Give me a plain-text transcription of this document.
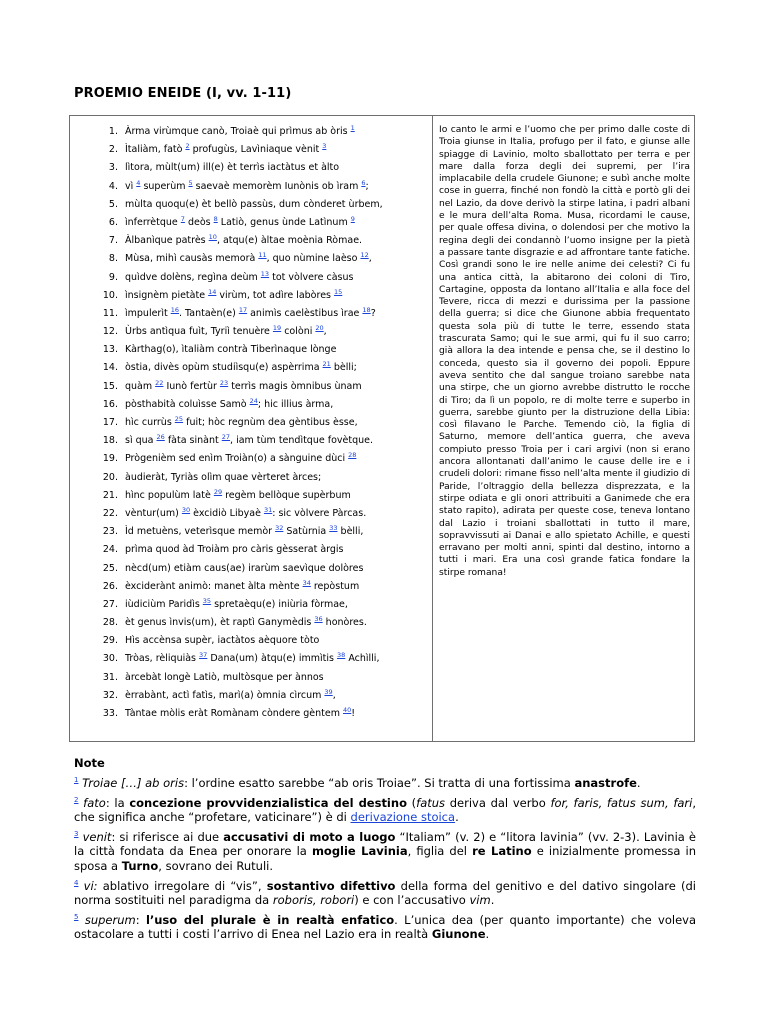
PROEMIO ENEIDE (I, vv. 1-11)
1. Àrma virùmque canò, Troiaè qui prìmus ab òris $^1$
2. Ìtaliàm, fatò $^2$ profugùs, Lavìniaque vènit $^3$
3. lìtora, mùlt(um) ill(e) èt terrìs iactàtus et àlto
4. vì $^4$ superùm $^5$ saevaè memorèm Iunònis ob ìram $^6$;
5. mùlta quoqu(e) èt bellò passùs, dum cònderet ùrbem,
6. ìnferrètque $^7$ deòs $^8$ Latiò, genus ùnde Latìnum $^9$
7. Àlbanìque patrès $^{10}$, atqu(e) àltae moènia Ròmae.
8. Mùsa, mihì causàs memorà $^{11}$, quo nùmine laèso $^{12}$,
9. quìdve dolèns, regìna deùm $^{13}$ tot vòlvere càsus
10. ìnsignèm pietàte $^{14}$ virùm, tot adìre labòres $^{15}$
11. ìmpulerìt $^{16}$. Tantaèn(e) $^{17}$ animìs caelèstibus ìrae $^{18}$?
12. Ùrbs antìqua fuìt, Tyriì tenuère $^{19}$ colòni $^{20}$,
13. Kàrthag(o), ìtaliàm contrà Tiberìnaque lònge
14. òstia, divès opùm studiìsqu(e) aspèrrima $^{21}$ bèlli;
15. quàm $^{22}$ Iunò fertùr $^{23}$ terrìs magis òmnibus ùnam
16. pòsthabità coluìsse Samò $^{24}$; hic illius àrma,
17. hìc currùs $^{25}$ fuit; hòc regnùm dea gèntibus èsse,
18. sì qua $^{26}$ fàta sinànt $^{27}$, iam tùm tendìtque fovètque.
19. Prògenièm sed enìm Troiàn(o) a sànguine dùci $^{28}$
20. àudieràt, Tyriàs olìm quae vèrteret àrces;
21. hìnc populùm latè $^{29}$ regèm bellòque supèrbum
22. vèntur(um) $^{30}$ èxcidiò Libyaè $^{31}$: sic vòlvere Pàrcas.
23. Ìd metuèns, veterìsque memòr $^{32}$ Satùrnia $^{33}$ bèlli,
24. prìma quod àd Troiàm pro càris gèsserat àrgis
25. nècd(um) etiàm caus(ae) irarùm saevìque dolòres
26. èxciderànt animò: manet àlta mènte $^{34}$ repòstum
27. iùdiciùm Paridìs $^{35}$ spretaèqu(e) iniùria fòrmae,
28. èt genus ìnvis(um), èt raptì Ganymèdis $^{36}$ honòres.
29. Hìs accènsa supèr, iactàtos aèquore tòto
30. Tròas, rèliquiàs $^{37}$ Dana(um) àtqu(e) immìtis $^{38}$ Achìlli,
31. àrcebàt longè Latiò, multòsque per ànnos
32. èrrabànt, actì fatìs, marì(a) òmnia cìrcum $^{39}$,
33. Tàntae mòlis eràt Romànam còndere gèntem $^{40}$!

Io canto le armi e l’uomo che per primo dalle coste di Troia giunse in Italia, profugo per il fato, e giunse alle spiagge di Lavinio, molto sballottato per terra e per mare dalla forza degli dei supremi, per l’ira implacabile della crudele Giunone; e subì anche molte cose in guerra, finché non fondò la città e portò gli dei nel Lazio, da dove derivò la stirpe latina, i padri albani e le mura dell’alta Roma. Musa, ricordami le cause, per quale offesa divina, o dolendosi per che motivo la regina degli dei condannò l’uomo insigne per la pietà a passare tante disgrazie e ad affrontare tante fatiche. Così grandi sono le ire nelle anime dei celesti? Ci fu una antica città, la abitarono dei coloni di Tiro, Cartagine, opposta da lontano all’Italia e alla foce del Tevere, ricca di mezzi e durissima per la passione della guerra; si dice che Giunone abbia frequentato questa sola più di tutte le terre, essendo stata trascurata Samo; qui le sue armi, qui fu il suo carro; già allora la dea intende e pensa che, se il destino lo conceda, questo sia il governo dei popoli. Eppure aveva sentito che dal sangue troiano sarebbe nata una stirpe, che un giorno avrebbe distrutto le rocche di Tiro; da lì un popolo, re di molte terre e superbo in guerra, sarebbe giunto per la distruzione della Libia: così filavano le Parche. Temendo ciò, la figlia di Saturno, memore dell’antica guerra, che aveva compiuto presso Troia per i cari argivi (non si erano ancora allontanati dall’animo le cause delle ire e i crudeli dolori: rimane fisso nell’alta mente il giudizio di Paride, l’oltraggio della bellezza disprezzata, e la stirpe odiata e gli onori attribuiti a Ganimede che era stato rapito), adirata per queste cose, teneva lontano dal Lazio i troiani sballottati in tutto il mare, sopravvissuti ai Danai e allo spietato Achille, e questi erravano per molti anni, spinti dal destino, intorno a tutti i mari. Era una così grande fatica fondare la stirpe romana!

Note

$^1$ Troiae […] ab oris: l’ordine esatto sarebbe “ab oris Troiae”. Si tratta di una fortissima anastrofe.

$^2$ fato: la concezione provvidenzialistica del destino (fatus deriva dal verbo for, faris, fatus sum, fari, che significa anche “profetare, vaticinare”) è di derivazione stoica.

$^3$ venit: si riferisce ai due accusativi di moto a luogo “Italiam” (v. 2) e “litora lavinia” (vv. 2-3). Lavinia è la città fondata da Enea per onorare la moglie Lavinia, figlia del re Latino e inizialmente promessa in sposa a Turno, sovrano dei Rutuli.

$^4$ vi: ablativo irregolare di “vis”, sostantivo difettivo della forma del genitivo e del dativo singolare (di norma sostituiti nel paradigma da roboris, robori) e con l’accusativo vim.

$^5$ superum: l’uso del plurale è in realtà enfatico. L’unica dea (per quanto importante) che voleva ostacolare a tutti i costi l’arrivo di Enea nel Lazio era in realtà Giunone.
